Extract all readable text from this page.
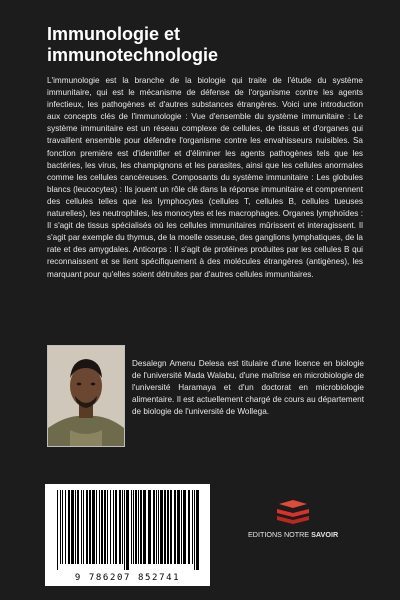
Immunologie et
immunotechnologie
L'immunologie est la branche de la biologie qui traite de l'étude du système immunitaire, qui est le mécanisme de défense de l'organisme contre les agents infectieux, les pathogènes et d'autres substances étrangères. Voici une introduction aux concepts clés de l'immunologie : Vue d'ensemble du système immunitaire : Le système immunitaire est un réseau complexe de cellules, de tissus et d'organes qui travaillent ensemble pour défendre l'organisme contre les envahisseurs nuisibles. Sa fonction première est d'identifier et d'éliminer les agents pathogènes tels que les bactéries, les virus, les champignons et les parasites, ainsi que les cellules anormales comme les cellules cancéreuses. Composants du système immunitaire : Les globules blancs (leucocytes) : Ils jouent un rôle clé dans la réponse immunitaire et comprennent des cellules telles que les lymphocytes (cellules T, cellules B, cellules tueuses naturelles), les neutrophiles, les monocytes et les macrophages. Organes lymphoïdes : Il s'agit de tissus spécialisés où les cellules immunitaires mûrissent et interagissent. Il s'agit par exemple du thymus, de la moelle osseuse, des ganglions lymphatiques, de la rate et des amygdales. Anticorps : Il s'agit de protéines produites par les cellules B qui reconnaissent et se lient spécifiquement à des molécules étrangères (antigènes), les marquant pour qu'elles soient détruites par d'autres cellules immunitaires.
Desalegn Amenu Delesa est titulaire d'une licence en biologie de l'université Mada Walabu, d'une maîtrise en microbiologie de l'université Haramaya et d'un doctorat en microbiologie alimentaire. Il est actuellement chargé de cours au département de biologie de l'université de Wollega.
9 786207 852741
EDITIONS NOTRE SAVOIR
